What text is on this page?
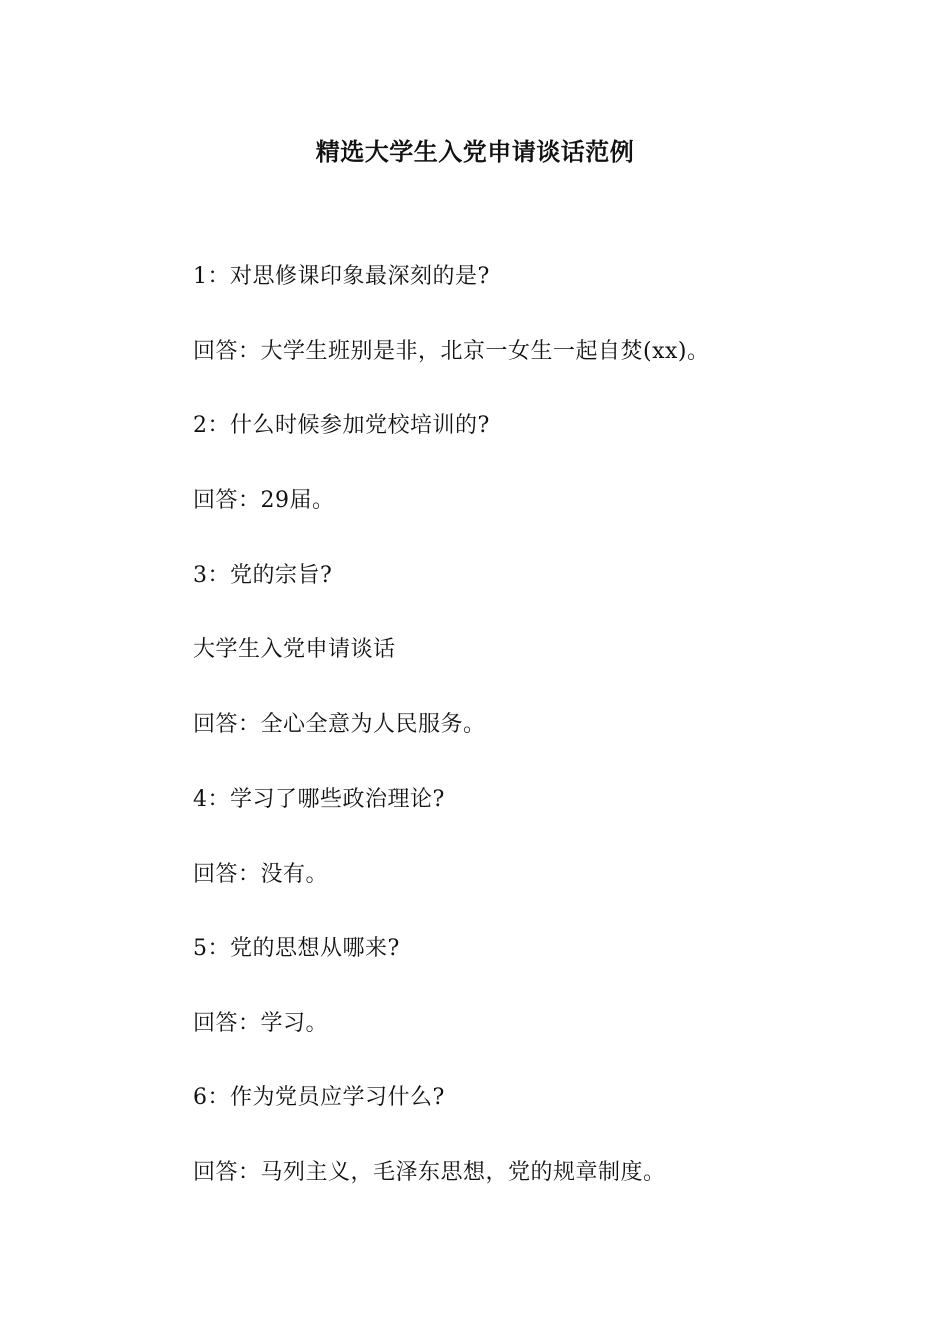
精选大学生入党申请谈话范例
1：对思修课印象最深刻的是?
回答：大学生班别是非，北京一女生一起自焚(xx)。
2：什么时候参加党校培训的?
回答：29届。
3：党的宗旨?
大学生入党申请谈话
回答：全心全意为人民服务。
4：学习了哪些政治理论?
回答：没有。
5：党的思想从哪来?
回答：学习。
6：作为党员应学习什么?
回答：马列主义，毛泽东思想，党的规章制度。
